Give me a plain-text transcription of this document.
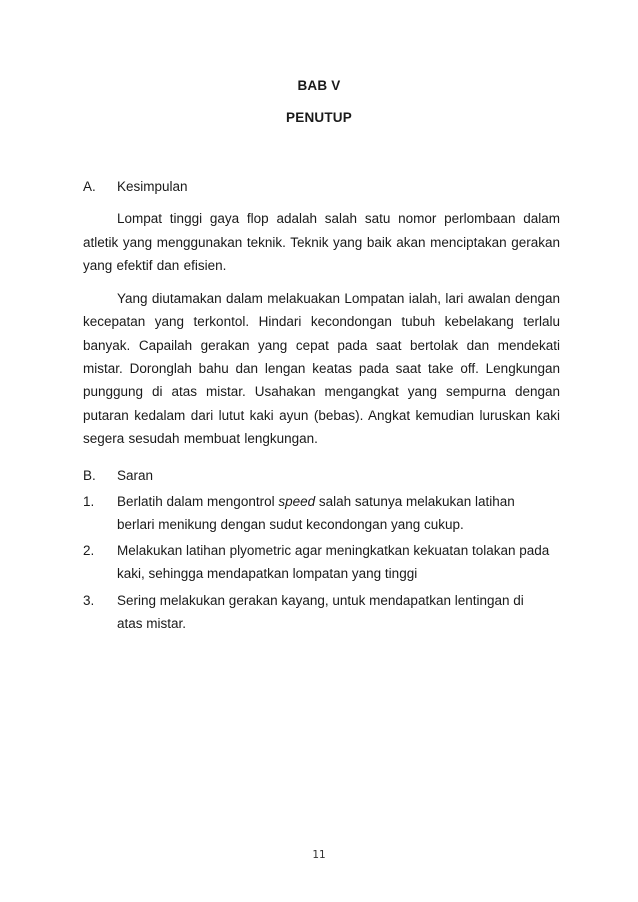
BAB V
PENUTUP
A.	Kesimpulan

Lompat tinggi gaya flop adalah salah satu nomor perlombaan dalam atletik yang menggunakan teknik. Teknik yang baik akan menciptakan gerakan yang efektif dan efisien.

Yang diutamakan dalam melakuakan Lompatan ialah, lari awalan dengan kecepatan yang terkontol. Hindari kecondongan tubuh kebelakang terlalu banyak. Capailah gerakan yang cepat pada saat bertolak dan mendekati mistar. Doronglah bahu dan lengan keatas pada saat take off. Lengkungan punggung di atas mistar. Usahakan mengangkat yang sempurna dengan putaran kedalam dari lutut kaki ayun (bebas). Angkat kemudian luruskan kaki segera sesudah membuat lengkungan.

B.	Saran
1.	Berlatih dalam mengontrol speed salah satunya melakukan latihan berlari menikung dengan sudut kecondongan yang cukup.
2.	Melakukan latihan plyometric agar meningkatkan kekuatan tolakan pada kaki, sehingga mendapatkan lompatan yang tinggi
3.	Sering melakukan gerakan kayang, untuk mendapatkan lentingan di atas mistar.
11
